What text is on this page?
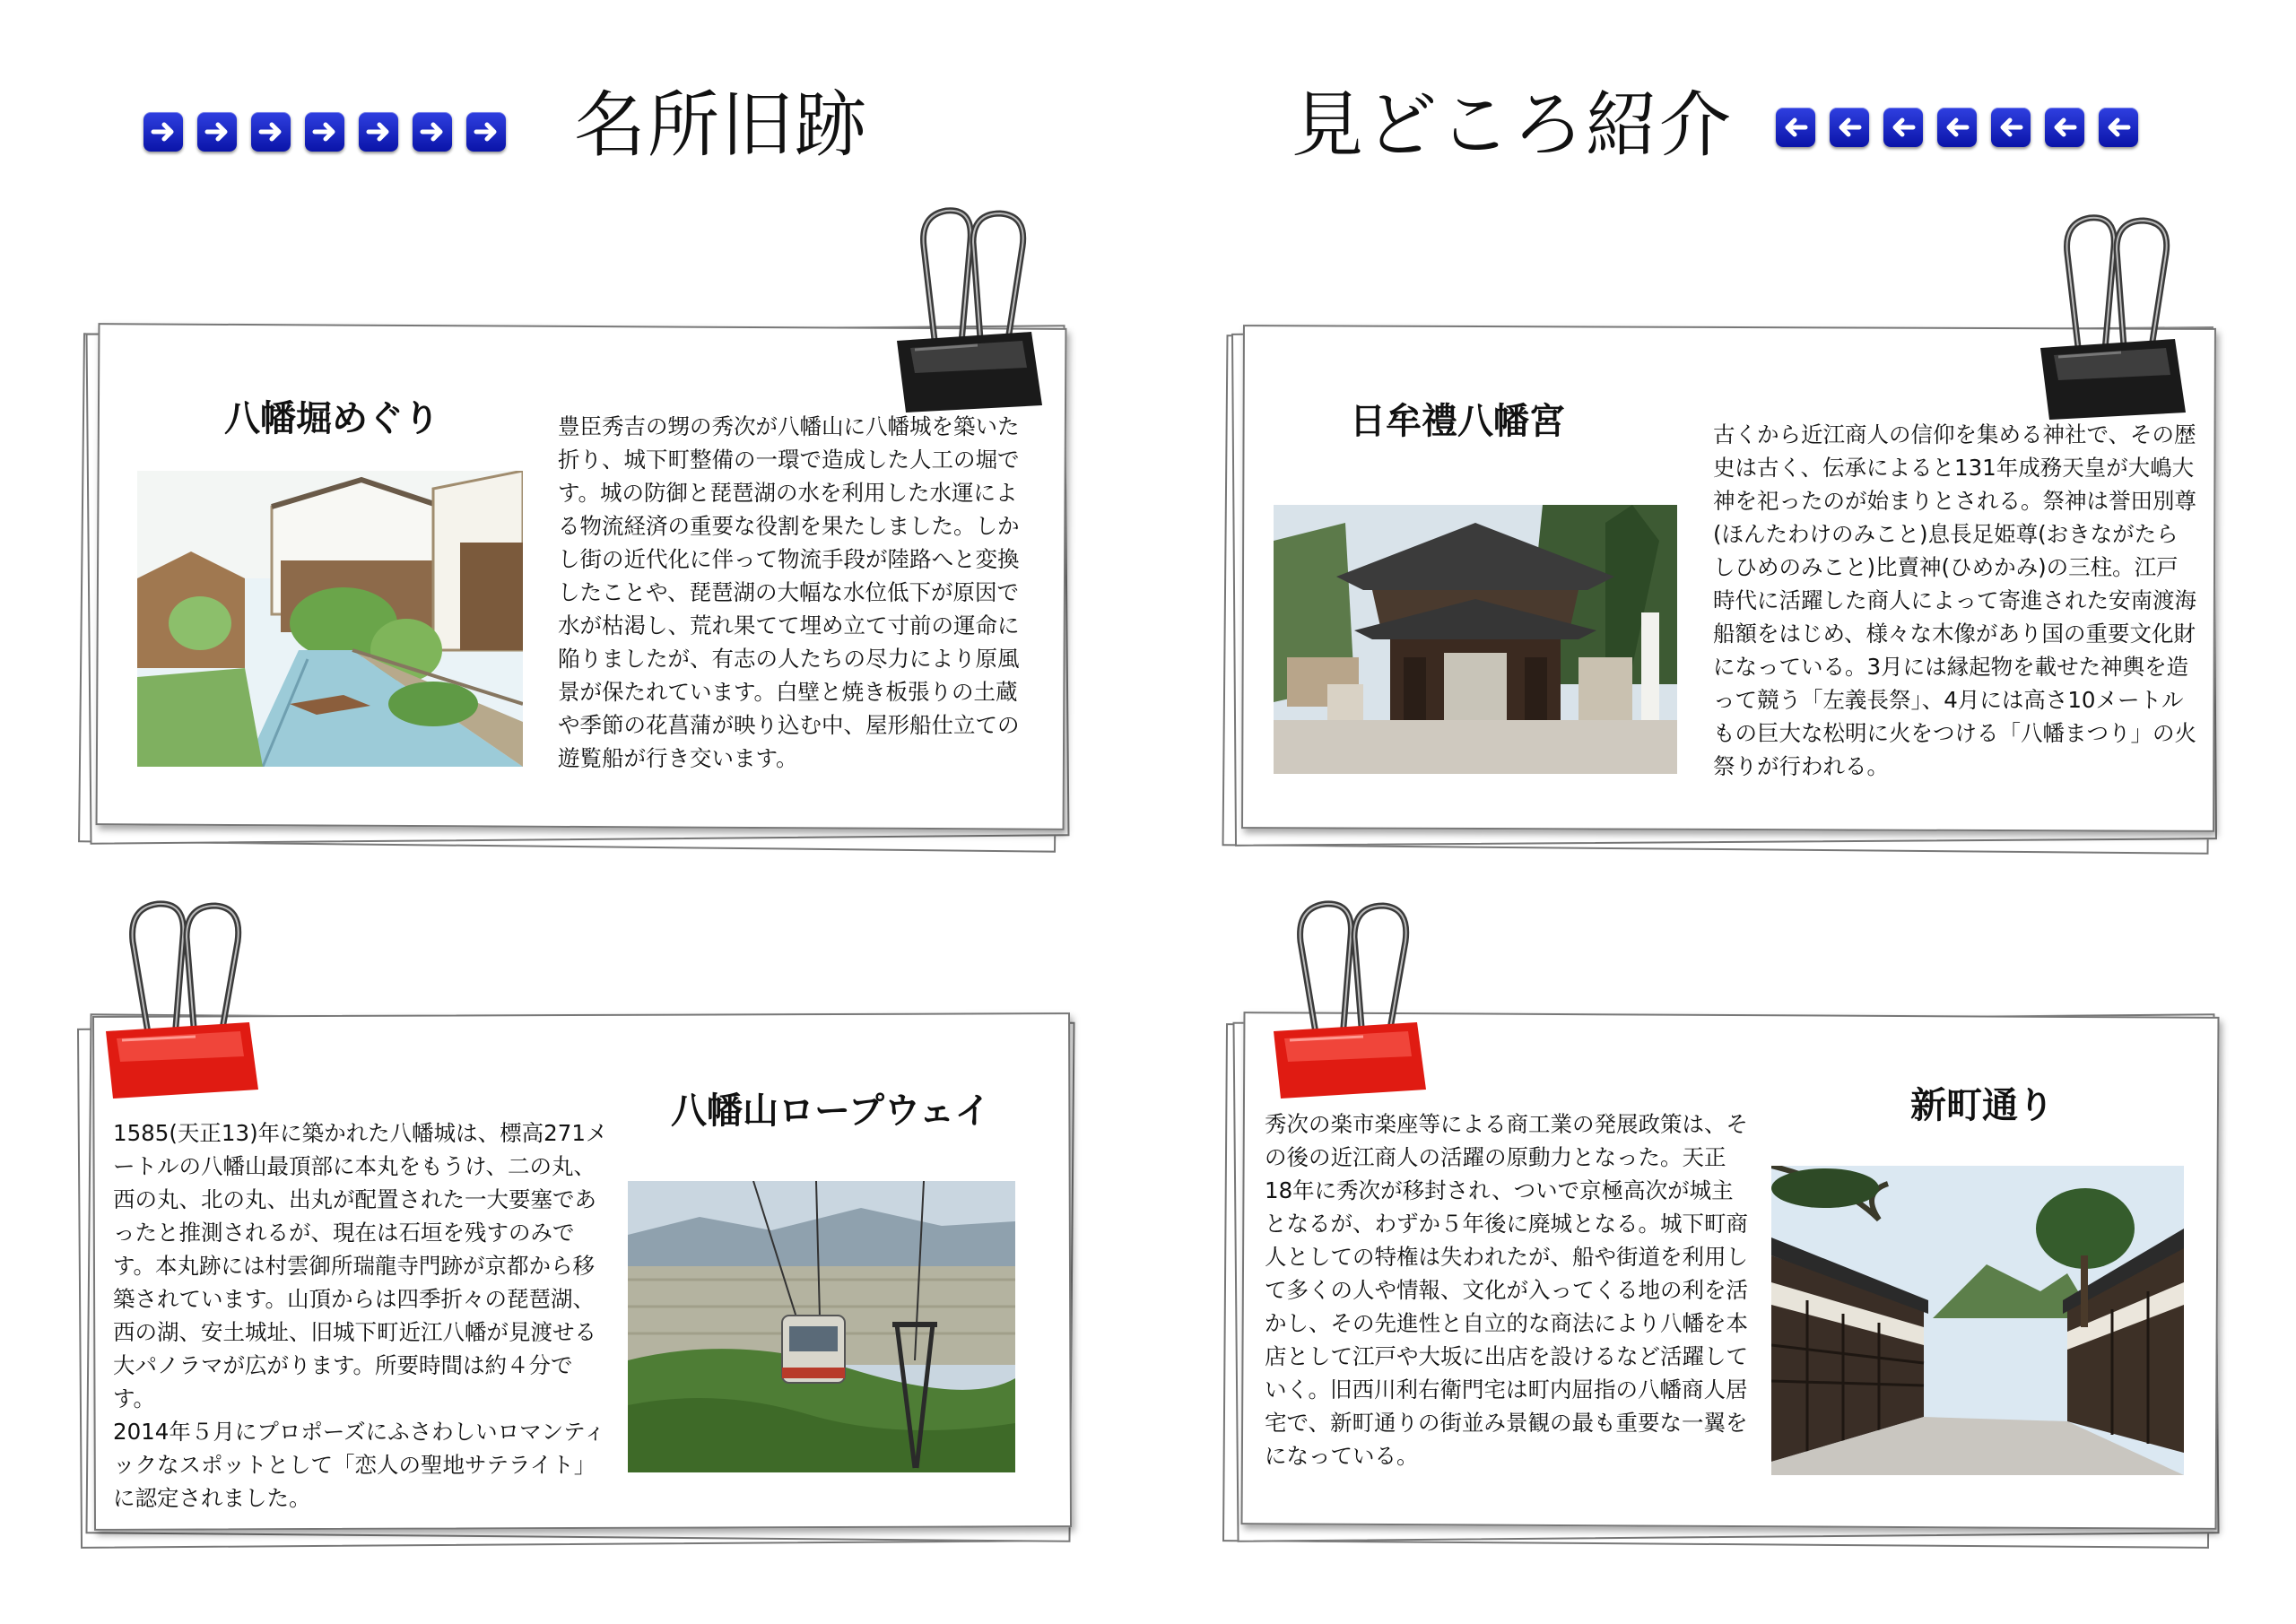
名所旧跡	見どころ紹介
八幡堀めぐり	豊臣秀吉の甥の秀次が八幡山に八幡城を築いた折り、城下町整備の一環で造成した人工の堀です。城の防御と琵琶湖の水を利用した水運による物流経済の重要な役割を果たしました。しかし街の近代化に伴って物流手段が陸路へと変換したことや、琵琶湖の大幅な水位低下が原因で水が枯渇し、荒れ果てて埋め立て寸前の運命に陥りましたが、有志の人たちの尽力により原風景が保たれています。白壁と焼き板張りの土蔵や季節の花菖蒲が映り込む中、屋形船仕立ての遊覧船が行き交います。

日牟禮八幡宮	古くから近江商人の信仰を集める神社で、その歴史は古く、伝承によると131年成務天皇が大嶋大神を祀ったのが始まりとされる。祭神は誉田別尊(ほんたわけのみこと)息長足姫尊(おきながたらしひめのみこと)比賣神(ひめかみ)の三柱。江戸時代に活躍した商人によって寄進された安南渡海船額をはじめ、様々な木像があり国の重要文化財になっている。3月には縁起物を載せた神輿を造って競う「左義長祭」、4月には高さ10メートルもの巨大な松明に火をつける「八幡まつり」の火祭りが行われる。

八幡山ロープウェイ

1585(天正13)年に築かれた八幡城は、標高271メートルの八幡山最頂部に本丸をもうけ、二の丸、西の丸、北の丸、出丸が配置された一大要塞であったと推測されるが、現在は石垣を残すのみです。本丸跡には村雲御所瑞龍寺門跡が京都から移築されています。山頂からは四季折々の琵琶湖、西の湖、安土城址、旧城下町近江八幡が見渡せる大パノラマが広がります。所要時間は約４分です。

2014年５月にプロポーズにふさわしいロマンティックなスポットとして「恋人の聖地サテライト」に認定されました。

新町通り

秀次の楽市楽座等による商工業の発展政策は、その後の近江商人の活躍の原動力となった。天正18年に秀次が移封され、ついで京極高次が城主となるが、わずか５年後に廃城となる。城下町商人としての特権は失われたが、船や街道を利用して多くの人や情報、文化が入ってくる地の利を活かし、その先進性と自立的な商法により八幡を本店として江戸や大坂に出店を設けるなど活躍していく。旧西川利右衛門宅は町内屈指の八幡商人居宅で、新町通りの街並み景観の最も重要な一翼をになっている。
